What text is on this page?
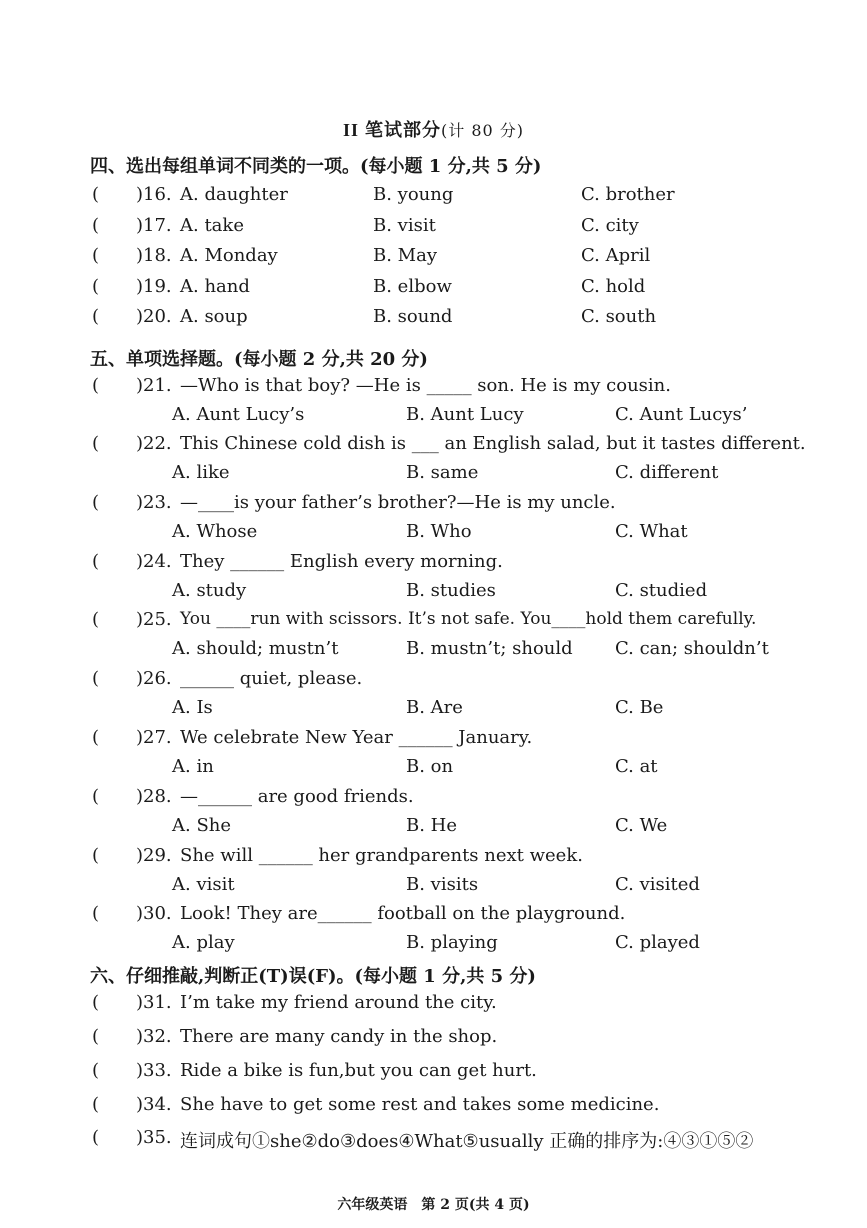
II 笔试部分(计 80 分)
四、选出每组单词不同类的一项。(每小题 1 分,共 5 分)
( )16. A. daughter	B. young	C. brother
( )17. A. take	B. visit	C. city
( )18. A. Monday	B. May	C. April
( )19. A. hand	B. elbow	C. hold
( )20. A. soup	B. sound	C. south
五、单项选择题。(每小题 2 分,共 20 分)
( )21. —Who is that boy? —He is _____ son. He is my cousin.
A. Aunt Lucy’s	B. Aunt Lucy	C. Aunt Lucys’
( )22. This Chinese cold dish is ___ an English salad, but it tastes different.
A. like	B. same	C. different
( )23. —____is your father’s brother?—He is my uncle.
A. Whose	B. Who	C. What
( )24. They ______ English every morning.
A. study	B. studies	C. studied
( )25. You ____run with scissors. It’s not safe. You____hold them carefully.
A. should; mustn’t	B. mustn’t; should C. can; shouldn’t
( )26. ______ quiet, please.
A. Is	B. Are	C. Be
( )27. We celebrate New Year ______ January.
A. in	B. on	C. at
( )28. —______ are good friends.
A. She	B. He	C. We
( )29. She will ______ her grandparents next week.
A. visit	B. visits	C. visited
( )30. Look! They are______ football on the playground.
A. play	B. playing	C. played
六、仔细推敲,判断正(T)误(F)。(每小题 1 分,共 5 分)
( )31. I’m take my friend around the city.
( )32. There are many candy in the shop.
( )33. Ride a bike is fun,but you can get hurt.
( )34. She have to get some rest and takes some medicine.
( )35. 连词成句①she②do③does④What⑤usually 正确的排序为:④③①⑤②
六年级英语　第 2 页(共 4 页)
